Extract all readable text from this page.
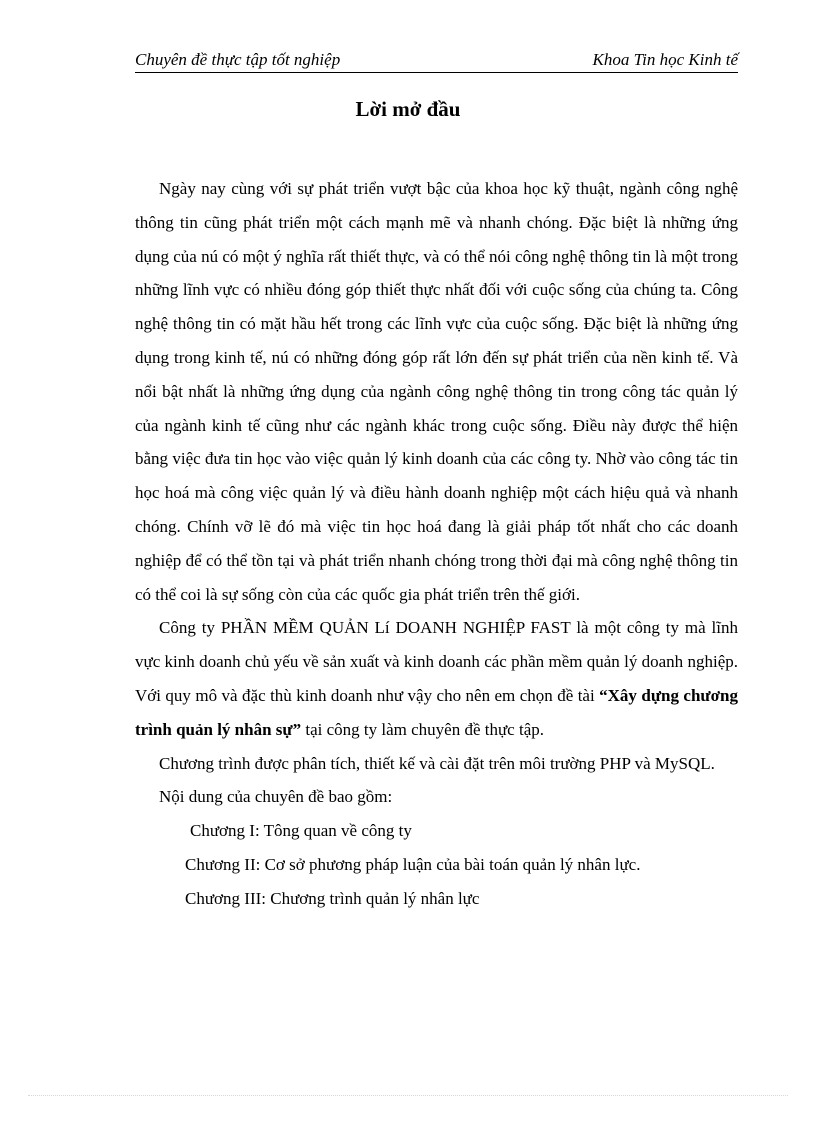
Chuyên đề thực tập tốt nghiệp	Khoa Tin học Kinh tế
Lời mở đầu

Ngày nay cùng với sự phát triển vượt bậc của khoa học kỹ thuật, ngành công nghệ thông tin cũng phát triển một cách mạnh mẽ và nhanh chóng. Đặc biệt là những ứng dụng của nú có một ý nghĩa rất thiết thực, và có thể nói công nghệ thông tin là một trong những lĩnh vực có nhiều đóng góp thiết thực nhất đối với cuộc sống của chúng ta. Công nghệ thông tin có mặt hầu hết trong các lĩnh vực của cuộc sống. Đặc biệt là những ứng dụng trong kinh tế, nú có những đóng góp rất lớn đến sự phát triển của nền kinh tế. Và nổi bật nhất là những ứng dụng của ngành công nghệ thông tin trong công tác quản lý của ngành kinh tế cũng như các ngành khác trong cuộc sống. Điều này được thể hiện bằng việc đưa tin học vào việc quản lý kinh doanh của các công ty. Nhờ vào công tác tin học hoá mà công việc quản lý và điều hành doanh nghiệp một cách hiệu quả và nhanh chóng. Chính vỡ lẽ đó mà việc tin học hoá đang là giải pháp tốt nhất cho các doanh nghiệp để có thể tồn tại và phát triển nhanh chóng trong thời đại mà công nghệ thông tin có thể coi là sự sống còn của các quốc gia phát triển trên thế giới.

Công ty PHẦN MỀM QUẢN Lí DOANH NGHIỆP FAST là một công ty mà lĩnh vực kinh doanh chủ yếu về sản xuất và kinh doanh các phần mềm quản lý doanh nghiệp. Với quy mô và đặc thù kinh doanh như vậy cho nên em chọn đề tài “Xây dựng chương trình quản lý nhân sự” tại công ty làm chuyên đề thực tập.

Chương trình được phân tích, thiết kế và cài đặt trên môi trường PHP và MySQL.

Nội dung của chuyên đề bao gồm:

Chương I: Tông quan về công ty

Chương II: Cơ sở phương pháp luận của bài toán quản lý nhân lực.

Chương III: Chương trình quản lý nhân lực
